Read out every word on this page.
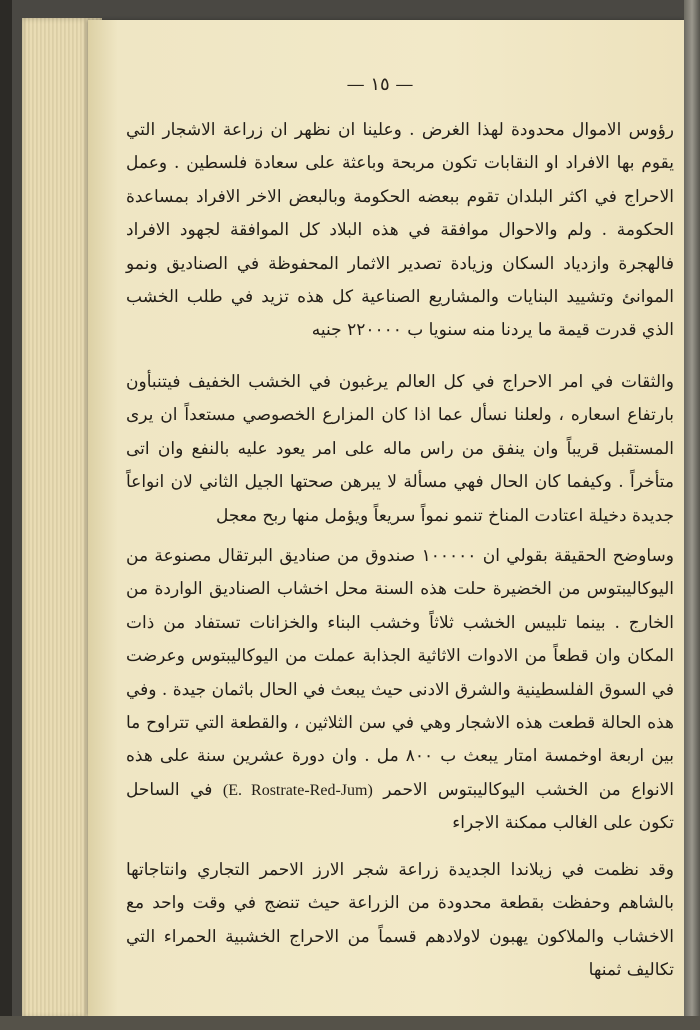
— ١٥ —

رؤوس الاموال محدودة لهذا الغرض . وعلينا ان نظهر ان زراعة الاشجار التي يقوم بها الافراد او النقابات تكون مربحة وباعثة على سعادة فلسطين . وعمل الاحراج في اكثر البلدان تقوم ببعضه الحكومة وبالبعض الاخر الافراد بمساعدة الحكومة . ولم والاحوال موافقة في هذه البلاد كل الموافقة لجهود الافراد فالهجرة وازدياد السكان وزيادة تصدير الاثمار المحفوظة في الصناديق ونمو الموانئ وتشييد البنايات والمشاريع الصناعية كل هذه تزيد في طلب الخشب الذي قدرت قيمة ما يردنا منه سنويا ب ٢٢٠٠٠٠ جنيه

والثقات في امر الاحراج في كل العالم يرغبون في الخشب الخفيف فيتنبأون بارتفاع اسعاره ، ولعلنا نسأل عما اذا كان المزارع الخصوصي مستعداً ان يرى المستقبل قريباً وان ينفق من راس ماله على امر يعود عليه بالنفع وان اتى متأخراً . وكيفما كان الحال فهي مسألة لا يبرهن صحتها الجيل الثاني لان انواعاً جديدة دخيلة اعتادت المناخ تنمو نمواً سريعاً ويؤمل منها ربح معجل

وساوضح الحقيقة بقولي ان ١٠٠٠٠٠ صندوق من صناديق البرتقال مصنوعة من اليوكاليبتوس من الخضيرة حلت هذه السنة محل اخشاب الصناديق الواردة من الخارج . بينما تلبيس الخشب ثلاثاً وخشب البناء والخزانات تستفاد من ذات المكان وان قطعاً من الادوات الاثاثية الجذابة عملت من اليوكاليبتوس وعرضت في السوق الفلسطينية والشرق الادنى حيث يبعث في الحال باثمان جيدة . وفي هذه الحالة قطعت هذه الاشجار وهي في سن الثلاثين ، والقطعة التي تتراوح ما بين اربعة اوخمسة امتار يبعث ب ٨٠٠ مل . وان دورة عشرين سنة على هذه الانواع من الخشب اليوكاليبتوس الاحمر (E. Rostrate-Red-Jum) في الساحل تكون على الغالب ممكنة الاجراء

وقد نظمت في زيلاندا الجديدة زراعة شجر الارز الاحمر التجاري وانتاجاتها بالشاهم وحفظت بقطعة محدودة من الزراعة حيث تنضج في وقت واحد مع الاخشاب والملاكون يهبون لاولادهم قسماً من الاحراج الخشبية الحمراء التي تكاليف ثمنها
